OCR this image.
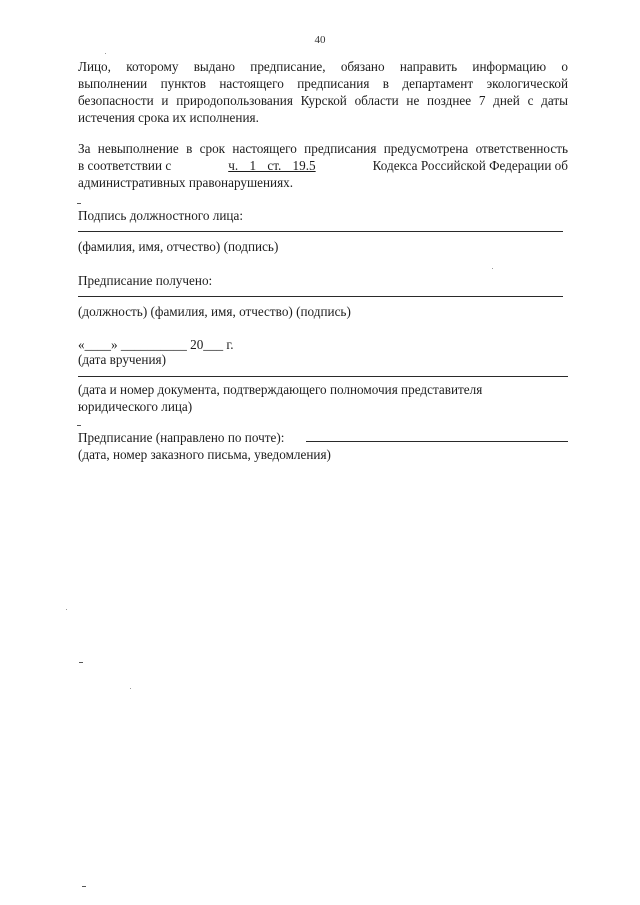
40
Лицо, которому выдано предписание, обязано направить информацию о
выполнении пунктов настоящего предписания в департамент экологической
безопасности и природопользования Курской области не позднее 7 дней с даты
истечения срока их исполнения.
За невыполнение в срок настоящего предписания предусмотрена ответственность
в соответствии с	ч. 1 ст. 19.5	Кодекса Российской Федерации об
административных правонарушениях.
Подпись должностного лица:
(фамилия, имя, отчество) (подпись)
Предписание получено:
(должность) (фамилия, имя, отчество) (подпись)
«____» __________ 20___ г.
(дата вручения)
(дата и номер документа, подтверждающего полномочия представителя
юридического лица)
Предписание (направлено по почте):
(дата, номер заказного письма, уведомления)
